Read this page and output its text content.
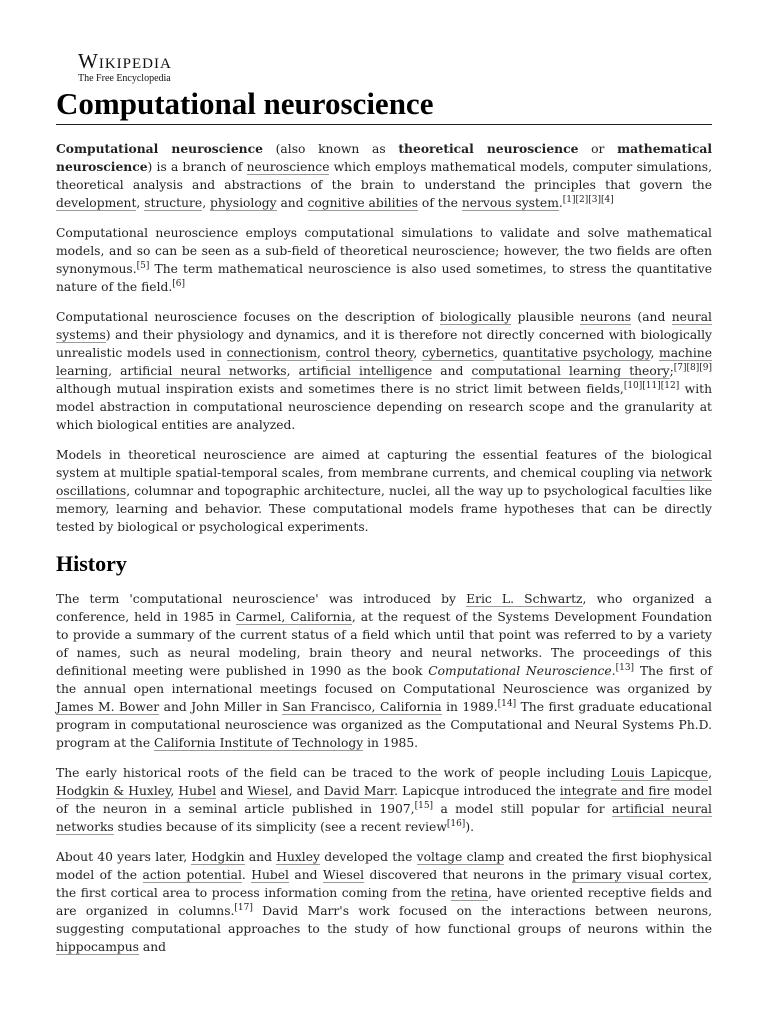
Wikipedia
The Free Encyclopedia
Computational neuroscience

Computational neuroscience (also known as theoretical neuroscience or mathematical neuroscience) is a branch of neuroscience which employs mathematical models, computer simulations, theoretical analysis and abstractions of the brain to understand the principles that govern the development, structure, physiology and cognitive abilities of the nervous system.[1][2][3][4]

Computational neuroscience employs computational simulations to validate and solve mathematical models, and so can be seen as a sub-field of theoretical neuroscience; however, the two fields are often synonymous.[5] The term mathematical neuroscience is also used sometimes, to stress the quantitative nature of the field.[6]

Computational neuroscience focuses on the description of biologically plausible neurons (and neural systems) and their physiology and dynamics, and it is therefore not directly concerned with biologically unrealistic models used in connectionism, control theory, cybernetics, quantitative psychology, machine learning, artificial neural networks, artificial intelligence and computational learning theory;[7][8][9] although mutual inspiration exists and sometimes there is no strict limit between fields,[10][11][12] with model abstraction in computational neuroscience depending on research scope and the granularity at which biological entities are analyzed.

Models in theoretical neuroscience are aimed at capturing the essential features of the biological system at multiple spatial-temporal scales, from membrane currents, and chemical coupling via network oscillations, columnar and topographic architecture, nuclei, all the way up to psychological faculties like memory, learning and behavior. These computational models frame hypotheses that can be directly tested by biological or psychological experiments.

History

The term 'computational neuroscience' was introduced by Eric L. Schwartz, who organized a conference, held in 1985 in Carmel, California, at the request of the Systems Development Foundation to provide a summary of the current status of a field which until that point was referred to by a variety of names, such as neural modeling, brain theory and neural networks. The proceedings of this definitional meeting were published in 1990 as the book Computational Neuroscience.[13] The first of the annual open international meetings focused on Computational Neuroscience was organized by James M. Bower and John Miller in San Francisco, California in 1989.[14] The first graduate educational program in computational neuroscience was organized as the Computational and Neural Systems Ph.D. program at the California Institute of Technology in 1985.

The early historical roots of the field can be traced to the work of people including Louis Lapicque, Hodgkin & Huxley, Hubel and Wiesel, and David Marr. Lapicque introduced the integrate and fire model of the neuron in a seminal article published in 1907,[15] a model still popular for artificial neural networks studies because of its simplicity (see a recent review[16]).

About 40 years later, Hodgkin and Huxley developed the voltage clamp and created the first biophysical model of the action potential. Hubel and Wiesel discovered that neurons in the primary visual cortex, the first cortical area to process information coming from the retina, have oriented receptive fields and are organized in columns.[17] David Marr's work focused on the interactions between neurons, suggesting computational approaches to the study of how functional groups of neurons within the hippocampus and
